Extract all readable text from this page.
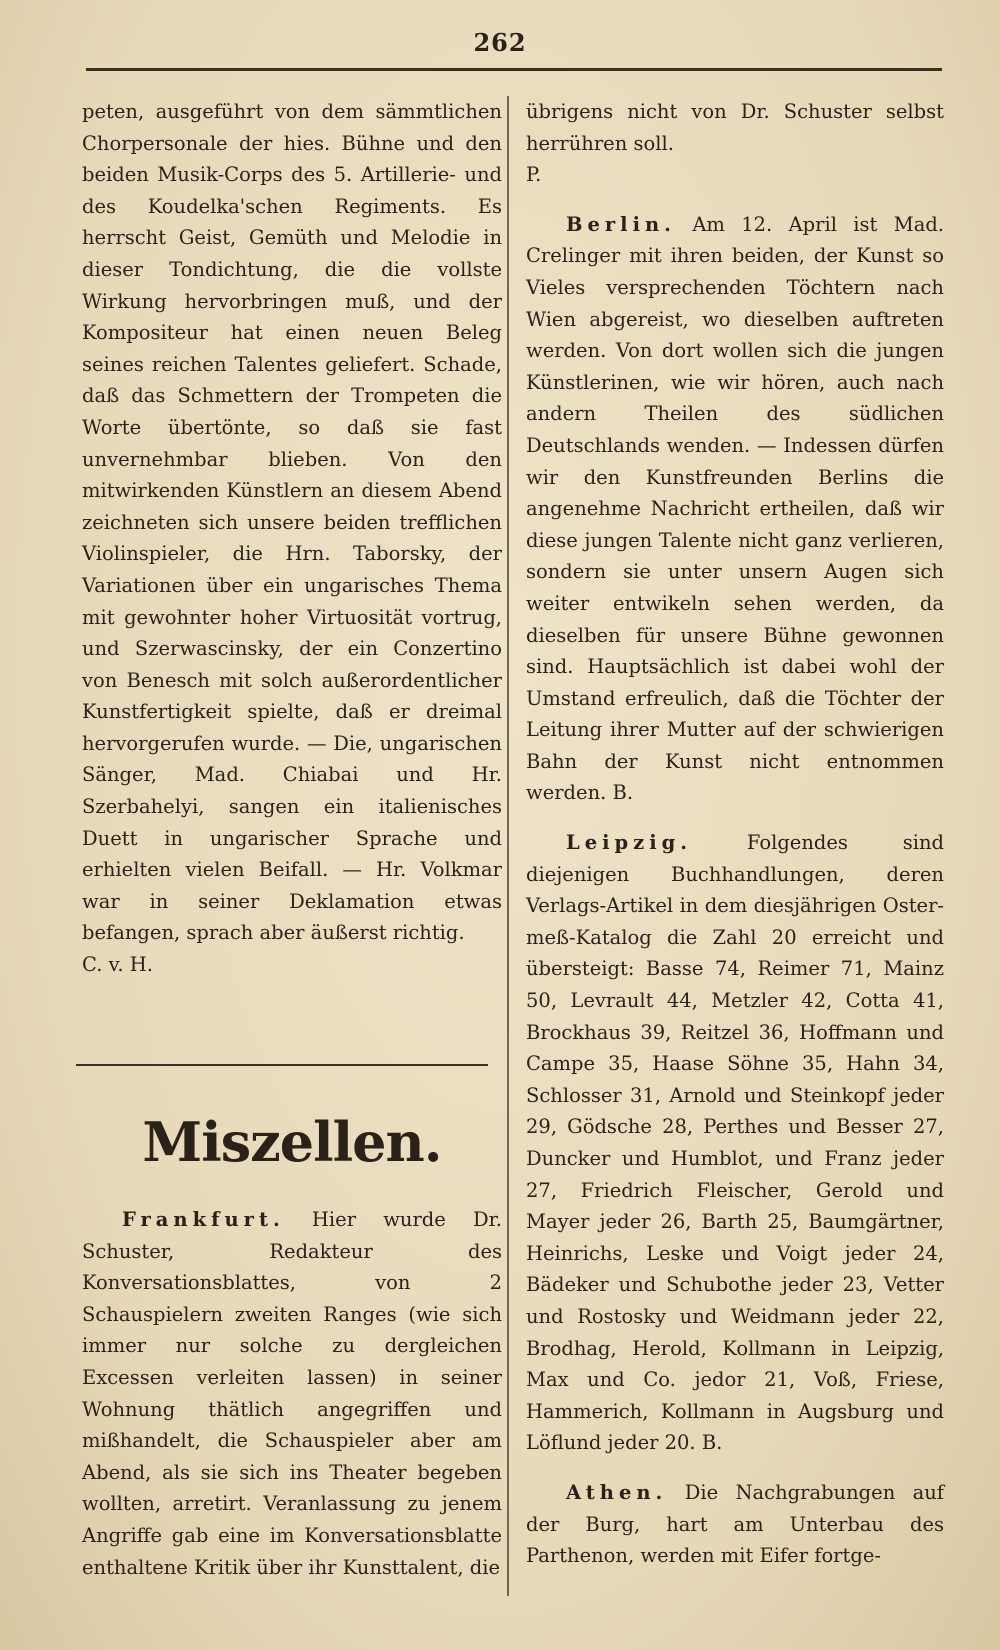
262

peten, ausgeführt von dem sämmtlichen Chorpersonale der hies. Bühne und den beiden Musik-Corps des 5. Artillerie- und des Koudelka'schen Regiments. Es herrscht Geist, Gemüth und Melodie in dieser Tondichtung, die die vollste Wirkung hervorbringen muß, und der Kompositeur hat einen neuen Beleg seines reichen Talentes geliefert. Schade, daß das Schmettern der Trompeten die Worte übertönte, so daß sie fast unvernehmbar blieben. Von den mitwirkenden Künstlern an diesem Abend zeichneten sich unsere beiden trefflichen Violinspieler, die Hrn. Taborsky, der Variationen über ein ungarisches Thema mit gewohnter hoher Virtuosität vortrug, und Szerwascinsky, der ein Conzertino von Benesch mit solch außerordentlicher Kunstfertigkeit spielte, daß er dreimal hervorgerufen wurde. — Die, ungarischen Sänger, Mad. Chiabai und Hr. Szerbahelyi, sangen ein italienisches Duett in ungarischer Sprache und erhielten vielen Beifall. — Hr. Volkmar war in seiner Deklamation etwas befangen, sprach aber äußerst richtig.

C. v. H.

Miszellen.

Frankfurt. Hier wurde Dr. Schuster, Redakteur des Konversationsblattes, von 2 Schauspielern zweiten Ranges (wie sich immer nur solche zu dergleichen Excessen verleiten lassen) in seiner Wohnung thätlich angegriffen und mißhandelt, die Schauspieler aber am Abend, als sie sich ins Theater begeben wollten, arretirt. Veranlassung zu jenem Angriffe gab eine im Konversationsblatte enthaltene Kritik über ihr Kunsttalent, die

übrigens nicht von Dr. Schuster selbst herrühren soll.

P.

Berlin. Am 12. April ist Mad. Crelinger mit ihren beiden, der Kunst so Vieles versprechenden Töchtern nach Wien abgereist, wo dieselben auftreten werden. Von dort wollen sich die jungen Künstlerinen, wie wir hören, auch nach andern Theilen des südlichen Deutschlands wenden. — Indessen dürfen wir den Kunstfreunden Berlins die angenehme Nachricht ertheilen, daß wir diese jungen Talente nicht ganz verlieren, sondern sie unter unsern Augen sich weiter entwikeln sehen werden, da dieselben für unsere Bühne gewonnen sind. Hauptsächlich ist dabei wohl der Umstand erfreulich, daß die Töchter der Leitung ihrer Mutter auf der schwierigen Bahn der Kunst nicht entnommen werden. B.

Leipzig.	Folgendes sind diejenigen Buchhandlungen, deren Verlags-Artikel in dem diesjährigen Oster-meß-Katalog die Zahl 20 erreicht und übersteigt: Basse 74, Reimer 71, Mainz 50, Levrault 44, Metzler 42, Cotta 41, Brockhaus 39, Reitzel 36, Hoffmann und Campe 35, Haase Söhne 35, Hahn 34, Schlosser 31, Arnold und Steinkopf jeder 29, Gödsche 28, Perthes und Besser 27, Duncker und Humblot, und Franz jeder 27, Friedrich Fleischer, Gerold und Mayer jeder 26, Barth 25, Baumgärtner, Heinrichs, Leske und Voigt jeder 24, Bädeker und Schubothe jeder 23, Vetter und Rostosky und Weidmann jeder 22, Brodhag, Herold, Kollmann in Leipzig, Max und Co. jedor 21, Voß, Friese, Hammerich, Kollmann in Augsburg und Löflund jeder 20. B.

Athen. Die Nachgrabungen auf der Burg, hart am Unterbau des Parthenon, werden mit Eifer fortge-
